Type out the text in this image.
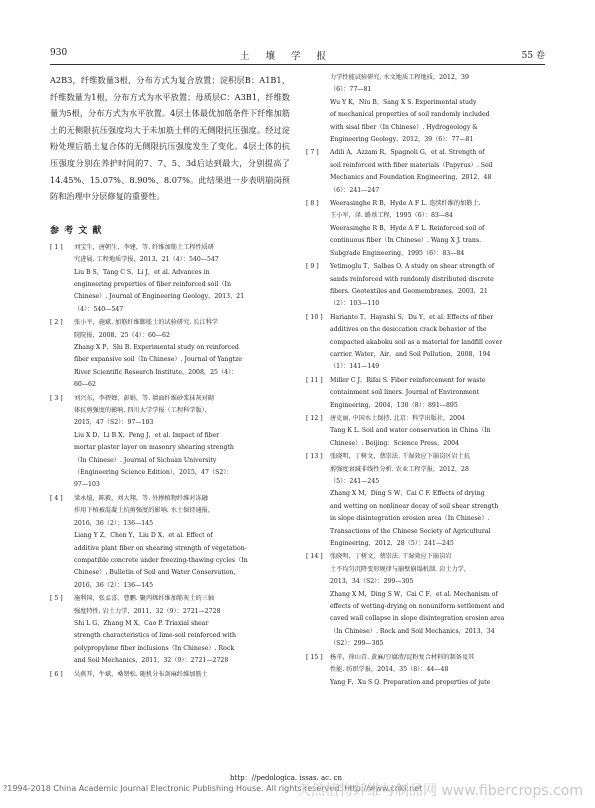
930	土壤学报	55 卷

A2B3，纤维数量3根，分布方式为复合放置；淀积层B：A1B1，纤维数量为1根，分布方式为水平放置；母质层C：A3B1，纤维数量为5根，分布方式为水平放置。4层土体最优加筋条件下纤维加筋土的无侧限抗压强度均大于未加筋土样的无侧限抗压强度。经过淀粉处理后筋土复合体的无侧限抗压强度发生了变化。4层土体的抗压强度分别在养护时间的7、7、5、3d后达到最大，分别提高了14.45%、15.07%、8.90%、8.07%。此结果进一步表明崩岗预防和治理中分层修复的重要性。

参 考 文 献
[ 1 ]	刘宝生，唐朝生，李建，等. 纤维加筋土工程性质研
究进展. 工程地质学报，2013，21（4）：540—547
Liu B S，Tang C S，Li J，et al. Advances in
engineering properties of fiber reinforced soil（In
Chinese）. Journal of Engineering Geology，2013，21
（4）：540—547
[ 2 ]	张小平，施斌. 加筋纤维膨胀土的试验研究. 长江科学
院院报，2008，25（4）：60—62
Zhang X P，Shi B. Experimental study on reinforced
fiber expansive soil（In Chinese）. Journal of Yangtze
River Scientific Research Institute，2008，25（4）：
60—62
[ 3 ]	刘兴东，李碧婵，彭娟，等. 墙面纤维砂浆抹灰对砌
体抗剪强度的影响. 四川大学学报（工程科学版），
2015，47（S2）：97—103
Liu X D，Li B X，Peng J，et al. Impact of fiber
mortar plaster layer on masonry shearing strength
（In Chinese）. Journal of Sichuan University
（Engineering Science Edition），2015，47（S2）：
97—103
[ 4 ]	梁永煊，陈毅，刘大翔，等. 外掺植物纤维对冻融
作用下植被混凝土抗剪强度的影响. 水土保持通报，
2016，36（2）：136—145
Liang Y Z，Chen Y，Liu D X，et al. Effect of
additive plant fiber on shearing strength of vegetation-
compatible concrete under freezing-thawing cycles（In
Chinese）. Bulletin of Soil and Water Conservation，
2016，36（2）：136—145
[ 5 ]	施利国，张孟喜，曹鹏. 聚丙烯纤维加筋灰土的三轴
强度特性. 岩土力学，2011，32（9）：2721—2728
Shi L G，Zhang M X，Cao P. Triaxial shear
strength characteristics of lime-soil reinforced with
polypropylene fiber inclusions（In Chinese）. Rock
and Soil Mechanics，2011，32（9）：2721—2728
[ 6 ]	吴燕开，牛斌，桑贤松. 随机分布剑麻纤维加筋土
力学性能试验研究. 水文地质工程地质，2012，39
（6）：77—81
Wu Y K，Niu B，Sang X S. Experimental study
of mechanical properties of soil randomly included
with sisal fiber（In Chinese）. Hydrogeology &
Engineering Geology，2012，39（6）：77—81
[ 7 ]	Adili A，Azzam R，Spagnoli G，et al. Strength of
soil reinforced with fiber materials（Papyrus）. Soil
Mechanics and Foundation Engineering，2012，48
（6）：241—247
[ 8 ]	Weerasinghe R B，Hyde A F L. 连续纤维的加筋土.
王小军，译. 路基工程，1995（6）：83—84
Weerasinghe R B，Hyde A F L. Reinforced soil of
continuous fiber（In Chinese）. Wang X J. trans.
Subgrade Engineering，1995（6）：83—84
[ 9 ]	Yetimoglu T，Salbas O. A study on shear strength of
sands reinforced with randomly distributed discrete
fibers. Geotextiles and Geomembranes，2003，21
（2）：103—110
[ 10 ]	Harianto T，Hayashi S，Du Y，et al. Effects of fiber
additives on the desiccation crack behavior of the
compacted akaboku soil as a material for landfill cover
carrier. Water，Air，and Soil Pollution，2008，194
（1）：141—149
[ 11 ]	Miller C J，Rifai S. Fiber reinforcement for waste
containment soil liners. Journal of Environment
Engineering，2004，130（8）：891—895
[ 12 ]	唐克丽. 中国水土保持. 北京：科学出版社，2004
Tang K L. Soil and water conservation in China（In
Chinese）. Beijing：Science Press，2004
[ 13 ]	张晓明，丁树文，蔡崇法. 干湿效应下崩岗区岩土抗
剪强度衰减非线性分析. 农业工程学报，2012，28
（5）：241—245
Zhang X M，Ding S W，Cai C F. Effects of drying
and wetting on nonlinear decay of soil shear strength
in slope disintegration erosion area（In Chinese）.
Transactions of the Chinese Society of Agricultural
Engineering，2012，28（5）：241—245
[ 14 ]	张晓明，丁树文，蔡崇法. 干湿效应下崩岗岩
土不均匀沉降变形规律与崩壁崩塌机制. 岩土力学，
2013，34（S2）：299—305
Zhang X M，Ding S W，Cai C F，et al. Mechanism of
effects of wetting-drying on nonuniform settlement and
caved wall collapse in slope disintegration erosion area
（In Chinese）. Rock and Soil Mechanics，2013，34
（S2）：299—305
[ 15 ]	杨苹，徐山青. 黄麻/豆腐渣/淀粉复合材料的制备及其
性能. 纺织学报，2014，35（8）：44—48
Yang F，Xu S Q. Preparation and properties of jute
http：//pedologica. issas. ac. cn
?1994-2018 China Academic Journal Electronic Publishing House. All rights reserved. http://www.cnki.net
天然植物纤维与制品网 www.fibercrops.com
